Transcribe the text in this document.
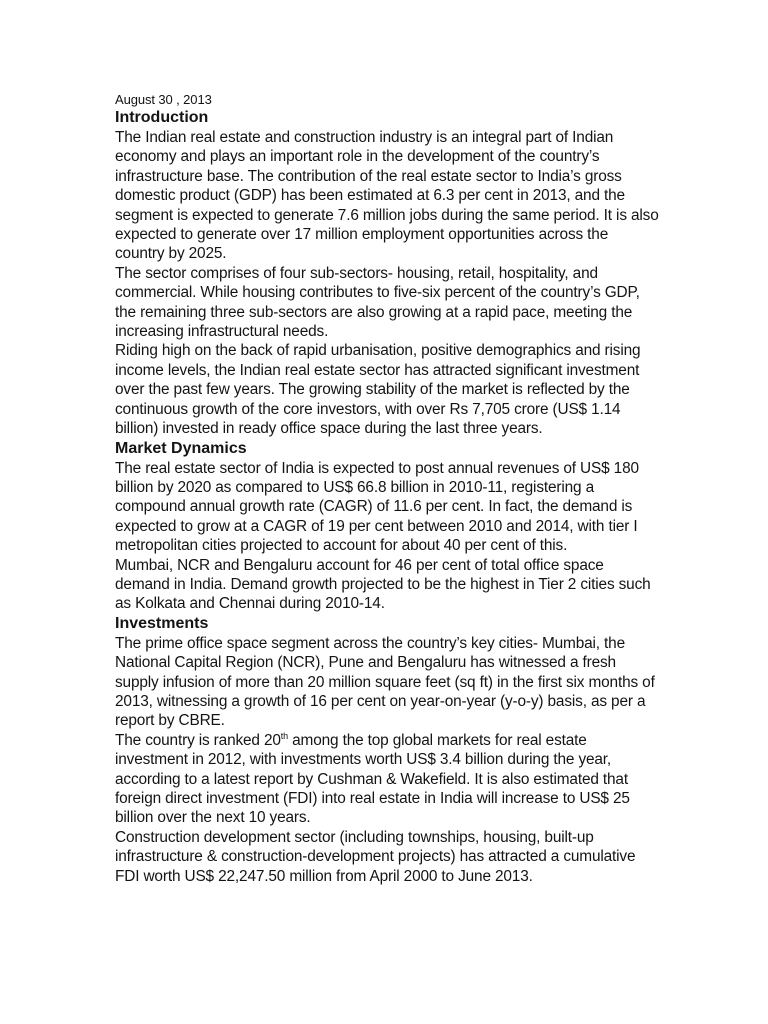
August 30 , 2013

Introduction

The Indian real estate and construction industry is an integral part of Indian economy and plays an important role in the development of the country’s infrastructure base. The contribution of the real estate sector to India’s gross domestic product (GDP) has been estimated at 6.3 per cent in 2013, and the segment is expected to generate 7.6 million jobs during the same period. It is also expected to generate over 17 million employment opportunities across the country by 2025.

The sector comprises of four sub-sectors- housing, retail, hospitality, and commercial. While housing contributes to five-six percent of the country’s GDP, the remaining three sub-sectors are also growing at a rapid pace, meeting the increasing infrastructural needs.

Riding high on the back of rapid urbanisation, positive demographics and rising income levels, the Indian real estate sector has attracted significant investment over the past few years. The growing stability of the market is reflected by the continuous growth of the core investors, with over Rs 7,705 crore (US$ 1.14 billion) invested in ready office space during the last three years.

Market Dynamics

The real estate sector of India is expected to post annual revenues of US$ 180 billion by 2020 as compared to US$ 66.8 billion in 2010-11, registering a compound annual growth rate (CAGR) of 11.6 per cent. In fact, the demand is expected to grow at a CAGR of 19 per cent between 2010 and 2014, with tier I metropolitan cities projected to account for about 40 per cent of this.

Mumbai, NCR and Bengaluru account for 46 per cent of total office space demand in India. Demand growth projected to be the highest in Tier 2 cities such as Kolkata and Chennai during 2010-14.

Investments

The prime office space segment across the country’s key cities- Mumbai, the National Capital Region (NCR), Pune and Bengaluru has witnessed a fresh supply infusion of more than 20 million square feet (sq ft) in the first six months of 2013, witnessing a growth of 16 per cent on year-on-year (y-o-y) basis, as per a report by CBRE.

The country is ranked 20th among the top global markets for real estate investment in 2012, with investments worth US$ 3.4 billion during the year, according to a latest report by Cushman & Wakefield. It is also estimated that foreign direct investment (FDI) into real estate in India will increase to US$ 25 billion over the next 10 years.

Construction development sector (including townships, housing, built-up infrastructure & construction-development projects) has attracted a cumulative FDI worth US$ 22,247.50 million from April 2000 to June 2013.
